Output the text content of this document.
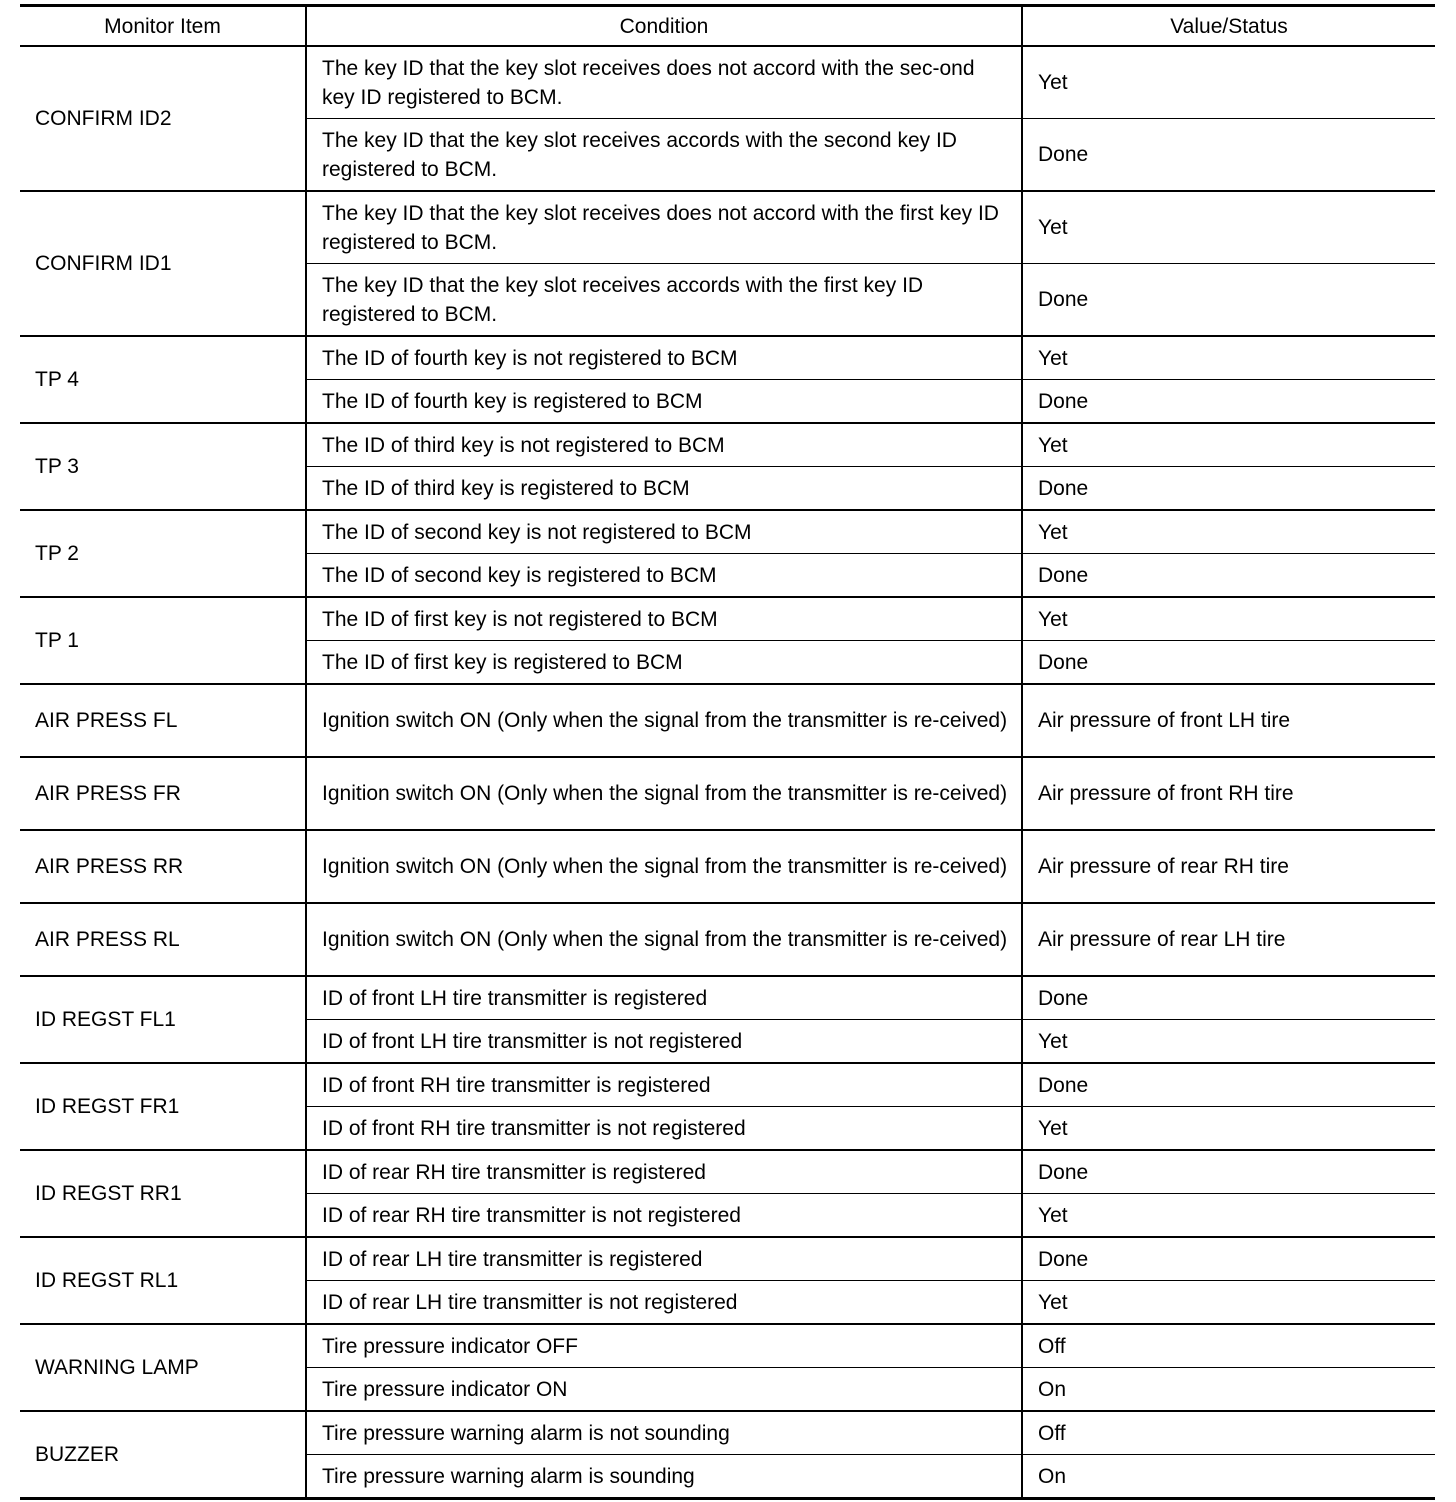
Monitor Item	Condition	Value/Status
CONFIRM ID2	The key ID that the key slot receives does not accord with the sec-ond key ID registered to BCM.	Yet
	The key ID that the key slot receives accords with the second key ID registered to BCM.	Done
CONFIRM ID1	The key ID that the key slot receives does not accord with the first key ID registered to BCM.	Yet
	The key ID that the key slot receives accords with the first key ID registered to BCM.	Done
TP 4	The ID of fourth key is not registered to BCM	Yet
	The ID of fourth key is registered to BCM	Done
TP 3	The ID of third key is not registered to BCM	Yet
	The ID of third key is registered to BCM	Done
TP 2	The ID of second key is not registered to BCM	Yet
	The ID of second key is registered to BCM	Done
TP 1	The ID of first key is not registered to BCM	Yet
	The ID of first key is registered to BCM	Done
AIR PRESS FL	Ignition switch ON (Only when the signal from the transmitter is re-ceived)	Air pressure of front LH tire
AIR PRESS FR	Ignition switch ON (Only when the signal from the transmitter is re-ceived)	Air pressure of front RH tire
AIR PRESS RR	Ignition switch ON (Only when the signal from the transmitter is re-ceived)	Air pressure of rear RH tire
AIR PRESS RL	Ignition switch ON (Only when the signal from the transmitter is re-ceived)	Air pressure of rear LH tire
ID REGST FL1	ID of front LH tire transmitter is registered	Done
	ID of front LH tire transmitter is not registered	Yet
ID REGST FR1	ID of front RH tire transmitter is registered	Done
	ID of front RH tire transmitter is not registered	Yet
ID REGST RR1	ID of rear RH tire transmitter is registered	Done
	ID of rear RH tire transmitter is not registered	Yet
ID REGST RL1	ID of rear LH tire transmitter is registered	Done
	ID of rear LH tire transmitter is not registered	Yet
WARNING LAMP	Tire pressure indicator OFF	Off
	Tire pressure indicator ON	On
BUZZER	Tire pressure warning alarm is not sounding	Off
	Tire pressure warning alarm is sounding	On
